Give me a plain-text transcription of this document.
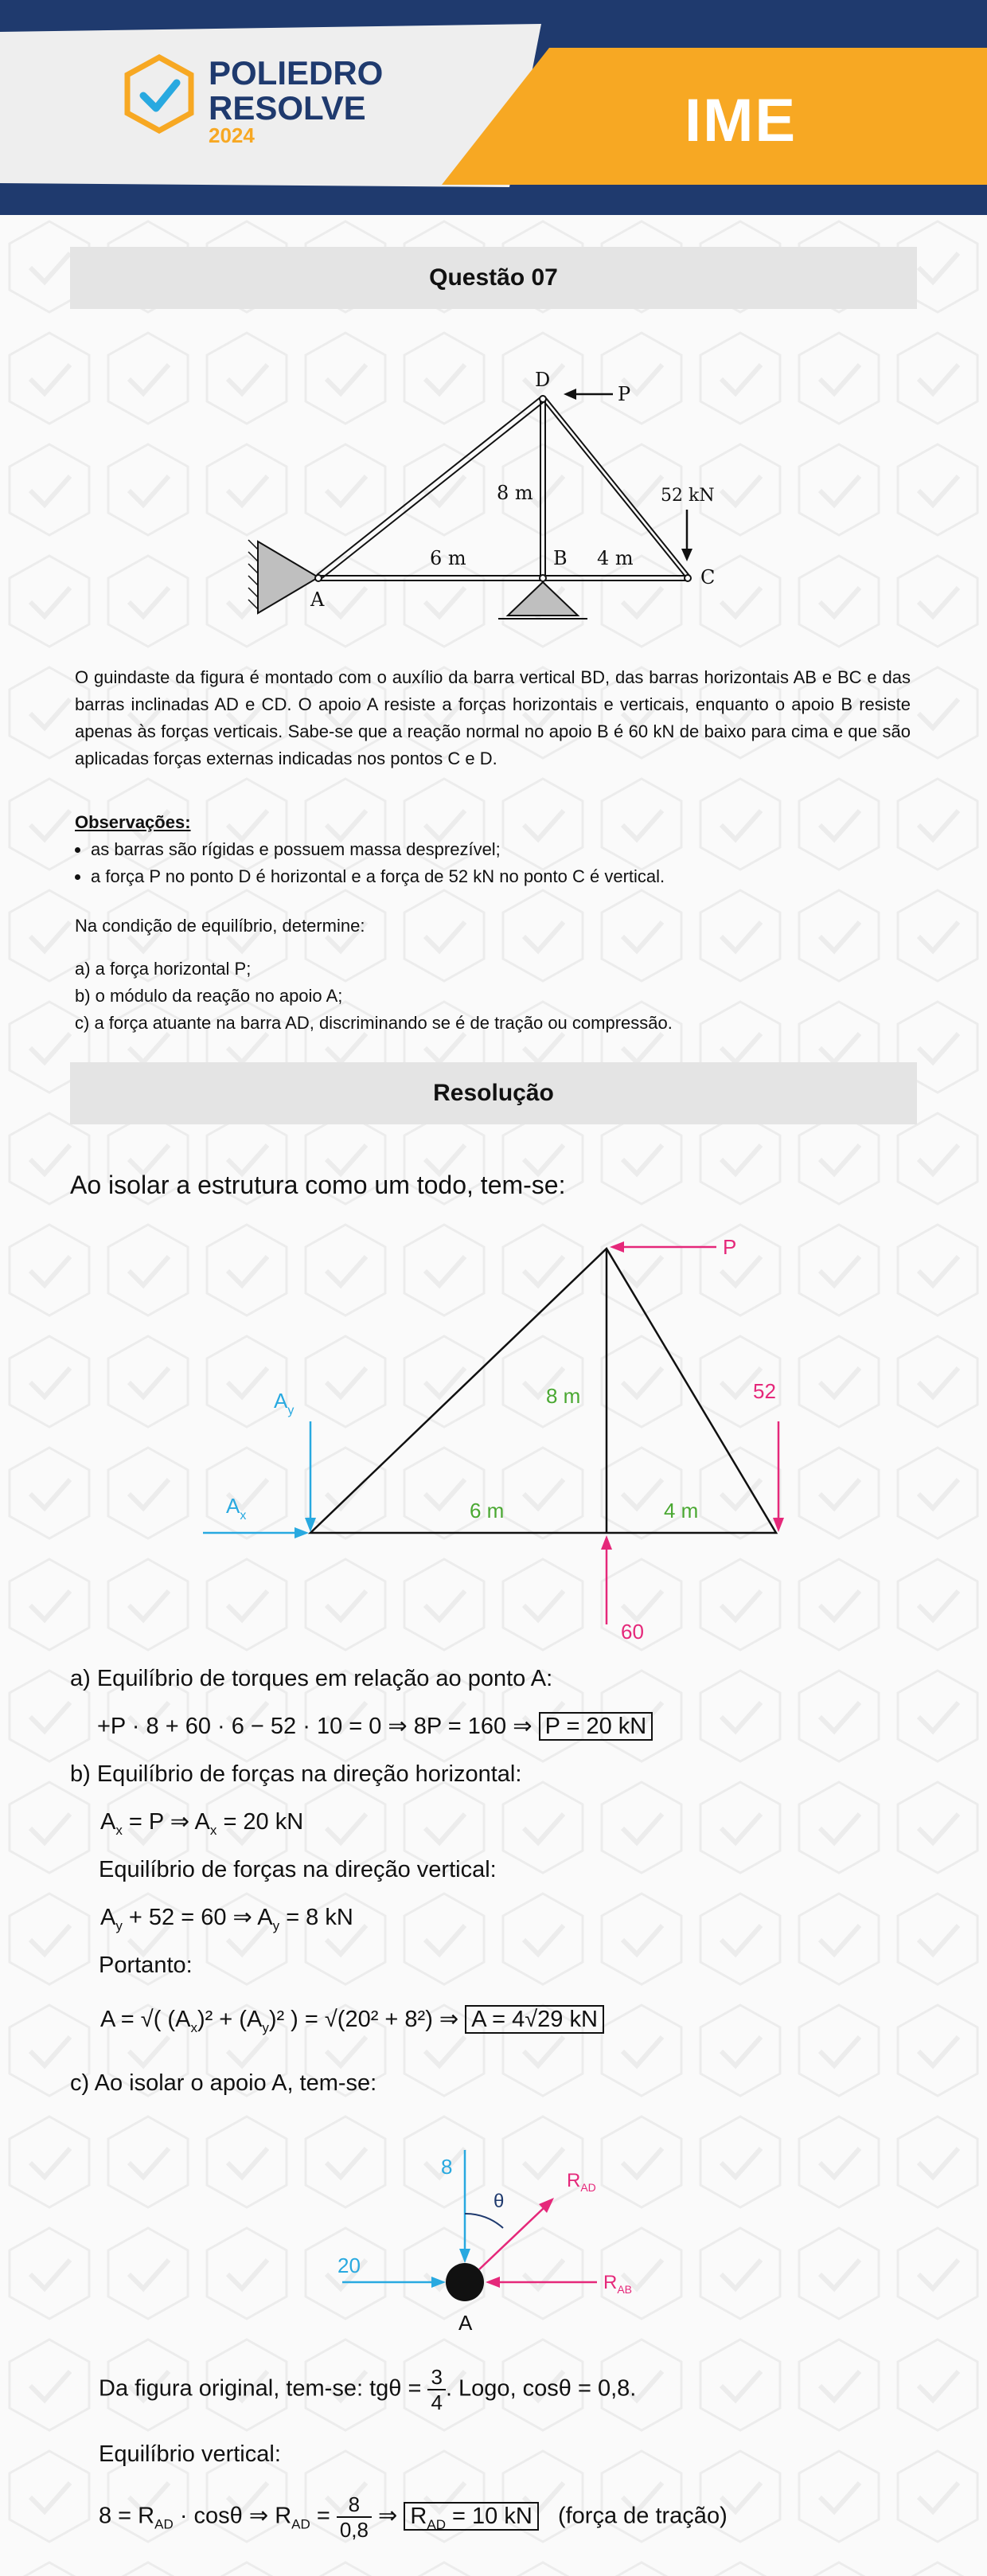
POLIEDRO
RESOLVE
2024	IME
Questão 07
D
P
8 m	52 kN
B
6 m	4 m
C
A
O guindaste da figura é montado com o auxílio da barra vertical BD, das barras horizontais AB e BC e das barras inclinadas AD e CD. O apoio A resiste a forças horizontais e verticais, enquanto o apoio B resiste apenas às forças verticais. Sabe-se que a reação normal no apoio B é 60 kN de baixo para cima e que são aplicadas forças externas indicadas nos pontos C e D.
Observações:
• as barras são rígidas e possuem massa desprezível;
• a força P no ponto D é horizontal e a força de 52 kN no ponto C é vertical.
Na condição de equilíbrio, determine:
a) a força horizontal P;
b) o módulo da reação no apoio A;
c) a força atuante na barra AD, discriminando se é de tração ou compressão.
Resolução
Ao isolar a estrutura como um todo, tem-se:
P
$A_y$
$A_x$
8 m	52
6 m	4 m
60
a) Equilíbrio de torques em relação ao ponto A:
+P · 8 + 60 · 6 − 52 · 10 = 0 ⇒ 8P = 160 ⇒ P = 20 kN
b) Equilíbrio de forças na direção horizontal:
$A_x = P$ ⇒ $A_x = 20$ kN
Equilíbrio de forças na direção vertical:
$A_y + 52 = 60$ ⇒ $A_y = 8$ kN
Portanto:
A = √( $(A_x)^2 + (A_y)^2$ ) = √(20² + 8²) ⇒ A = 4√29 kN
c) Ao isolar o apoio A, tem-se:
8
θ
$R_{AD}$
20
$R_{AB}$
A
Da figura original, tem-se: $tg\theta = \frac{3}{4}$ . Logo, cosθ = 0,8.
Equilíbrio vertical:
$8 = R_{AD} \cdot \cos\theta$ ⇒ $R_{AD} = \frac{8}{0,8}$ ⇒ $R_{AD} = 10$ kN (força de tração)
